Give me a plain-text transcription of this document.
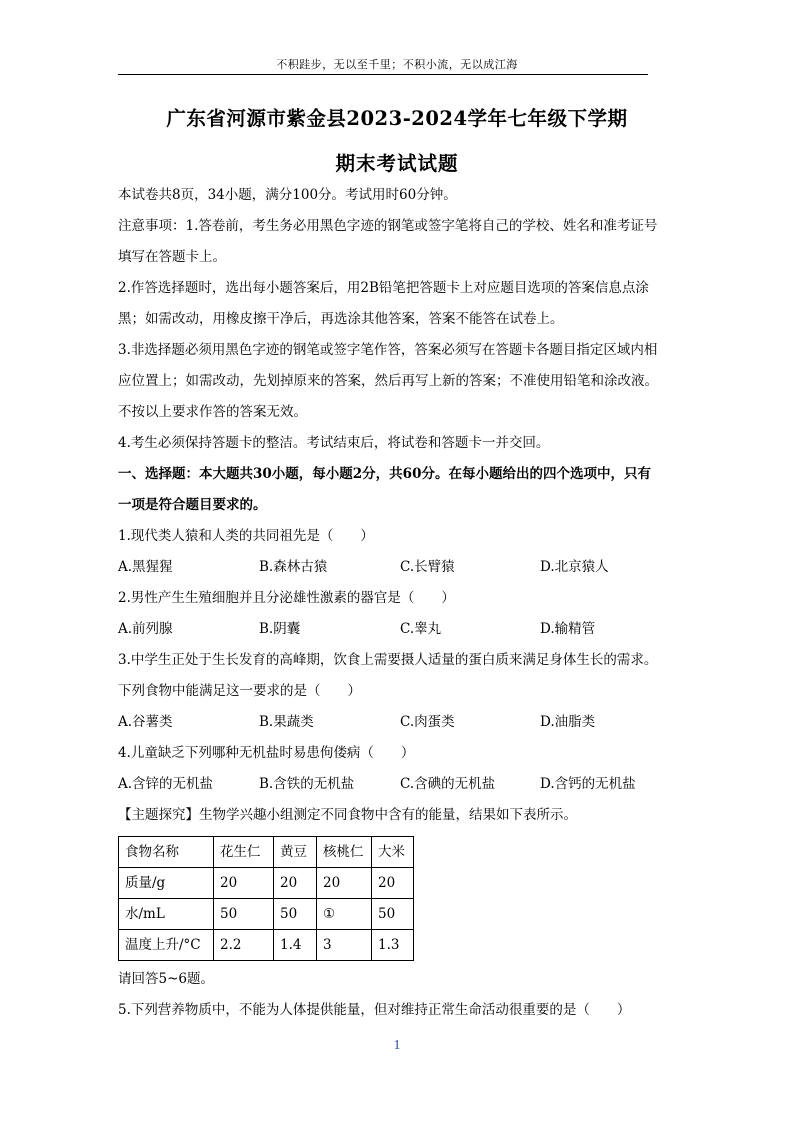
不积跬步，无以至千里；不积小流，无以成江海
广东省河源市紫金县2023-2024学年七年级下学期
期末考试试题
本试卷共8页，34小题，满分100分。考试用时60分钟。
注意事项：1.答卷前，考生务必用黑色字迹的钢笔或签字笔将自己的学校、姓名和准考证号
填写在答题卡上。
2.作答选择题时，选出每小题答案后，用2B铅笔把答题卡上对应题目选项的答案信息点涂
黑；如需改动，用橡皮擦干净后，再选涂其他答案，答案不能答在试卷上。
3.非选择题必须用黑色字迹的钢笔或签字笔作答，答案必须写在答题卡各题目指定区域内相
应位置上；如需改动，先划掉原来的答案，然后再写上新的答案；不准使用铅笔和涂改液。
不按以上要求作答的答案无效。
4.考生必须保持答题卡的整洁。考试结束后，将试卷和答题卡一并交回。
一、选择题：本大题共30小题，每小题2分，共60分。在每小题给出的四个选项中，只有
一项是符合题目要求的。
1.现代类人猿和人类的共同祖先是（　　）
A.黑猩猩	B.森林古猿	C.长臂猿	D.北京猿人
2.男性产生生殖细胞并且分泌雄性激素的器官是（　　）
A.前列腺	B.阴囊	C.睾丸	D.输精管
3.中学生正处于生长发育的高峰期，饮食上需要摄人适量的蛋白质来满足身体生长的需求。
下列食物中能满足这一要求的是（　　）
A.谷薯类	B.果蔬类	C.肉蛋类	D.油脂类
4.儿童缺乏下列哪种无机盐时易患佝偻病（　　）
A.含锌的无机盐	B.含铁的无机盐	C.含碘的无机盐	D.含钙的无机盐
【主题探究】生物学兴趣小组测定不同食物中含有的能量，结果如下表所示。
食物名称	花生仁	黄豆	核桃仁	大米
质量/g	20	20	20	20
水/mL	50	50	①	50
温度上升/°C	2.2	1.4	3	1.3
请回答5~6题。
5.下列营养物质中，不能为人体提供能量，但对维持正常生命活动很重要的是（　　）
1
